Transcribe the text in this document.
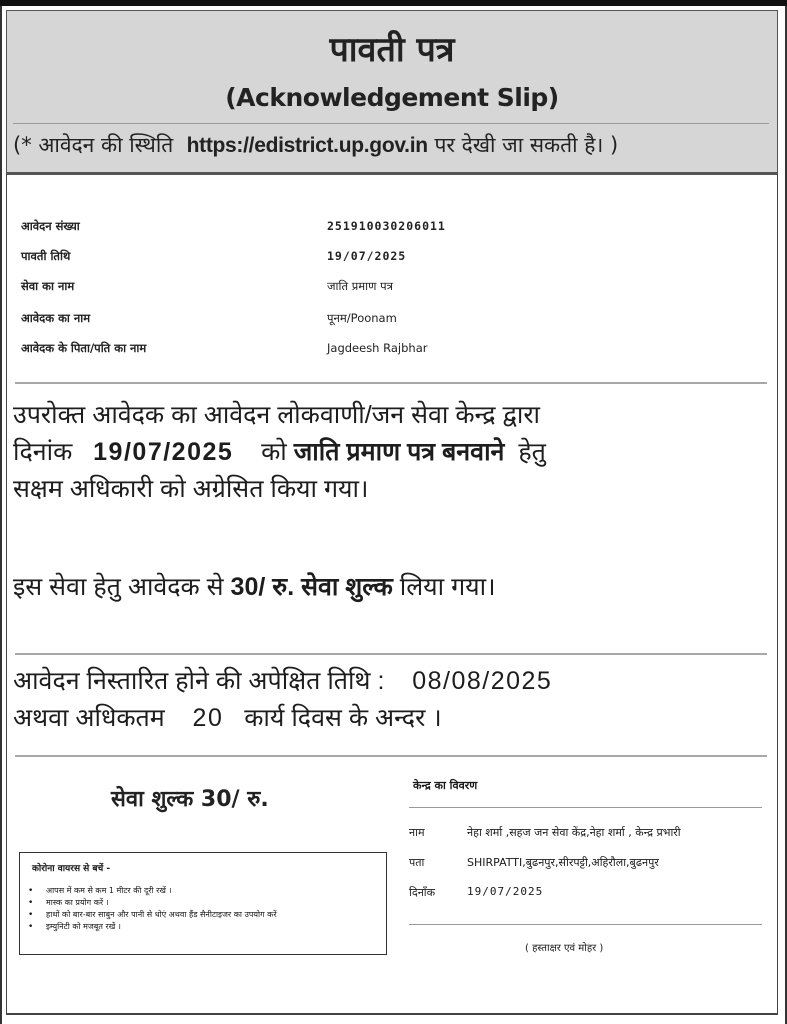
पावती पत्र
(Acknowledgement Slip)
(* आवेदन की स्थिति https://edistrict.up.gov.in पर देखी जा सकती है। )
आवेदन संख्या	251910030206011
पावती तिथि	19/07/2025
सेवा का नाम	जाति प्रमाण पत्र
आवेदक का नाम	पूनम/Poonam
आवेदक के पिता/पति का नाम	Jagdeesh Rajbhar
उपरोक्त आवेदक का आवेदन लोकवाणी/जन सेवा केन्द्र द्वारा
दिनांक 19/07/2025 को जाति प्रमाण पत्र बनवाने हेतु
सक्षम अधिकारी को अग्रेसित किया गया।
इस सेवा हेतु आवेदक से 30/ रु. सेवा शुल्क लिया गया।
आवेदन निस्तारित होने की अपेक्षित तिथि : 08/08/2025
अथवा अधिकतम 20 कार्य दिवस के अन्दर ।
सेवा शुल्क 30/ रु.
कोरोना वायरस से बचें -
• आपस में कम से कम 1 मीटर की दूरी रखें ।
• मास्क का प्रयोग करें ।
• हाथों को बार-बार साबुन और पानी से धोएं अथवा हैंड सैनीटाइजर का उपयोग करें
• इम्युनिटी को मजबूत रखें ।
केन्द्र का विवरण
नाम	नेहा शर्मा ,सहज जन सेवा केंद्र,नेहा शर्मा , केन्द्र प्रभारी
पता	SHIRPATTI,बुढनपुर,सीरपट्टी,अहिरौला,बुढनपुर
दिनाँक	19/07/2025
( हस्ताक्षर एवं मोहर )
